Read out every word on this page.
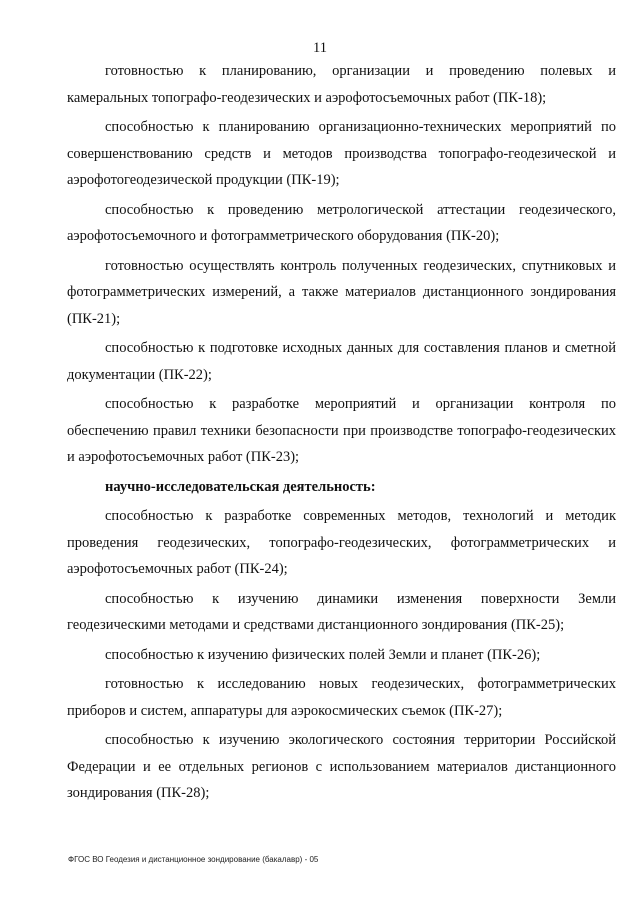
11

готовностью к планированию, организации и проведению полевых и камеральных топографо-геодезических и аэрофотосъемочных работ (ПК-18);

способностью к планированию организационно-технических мероприятий по совершенствованию средств и методов производства топографо-геодезической и аэрофотогеодезической продукции (ПК-19);

способностью к проведению метрологической аттестации геодезического, аэрофотосъемочного и фотограмметрического оборудования (ПК-20);

готовностью осуществлять контроль полученных геодезических, спутниковых и фотограмметрических измерений, а также материалов дистанционного зондирования (ПК-21);

способностью к подготовке исходных данных для составления планов и сметной документации (ПК-22);

способностью к разработке мероприятий и организации контроля по обеспечению правил техники безопасности при производстве топографо-геодезических и аэрофотосъемочных работ (ПК-23);

научно-исследовательская деятельность:

способностью к разработке современных методов, технологий и методик проведения геодезических, топографо-геодезических, фотограмметрических и аэрофотосъемочных работ (ПК-24);

способностью к изучению динамики изменения поверхности Земли геодезическими методами и средствами дистанционного зондирования (ПК-25);

способностью к изучению физических полей Земли и планет (ПК-26);

готовностью к исследованию новых геодезических, фотограмметрических приборов и систем, аппаратуры для аэрокосмических съемок (ПК-27);

способностью к изучению экологического состояния территории Российской Федерации и ее отдельных регионов с использованием материалов дистанционного зондирования (ПК-28);

ФГОС ВО Геодезия и дистанционное зондирование (бакалавр) - 05
